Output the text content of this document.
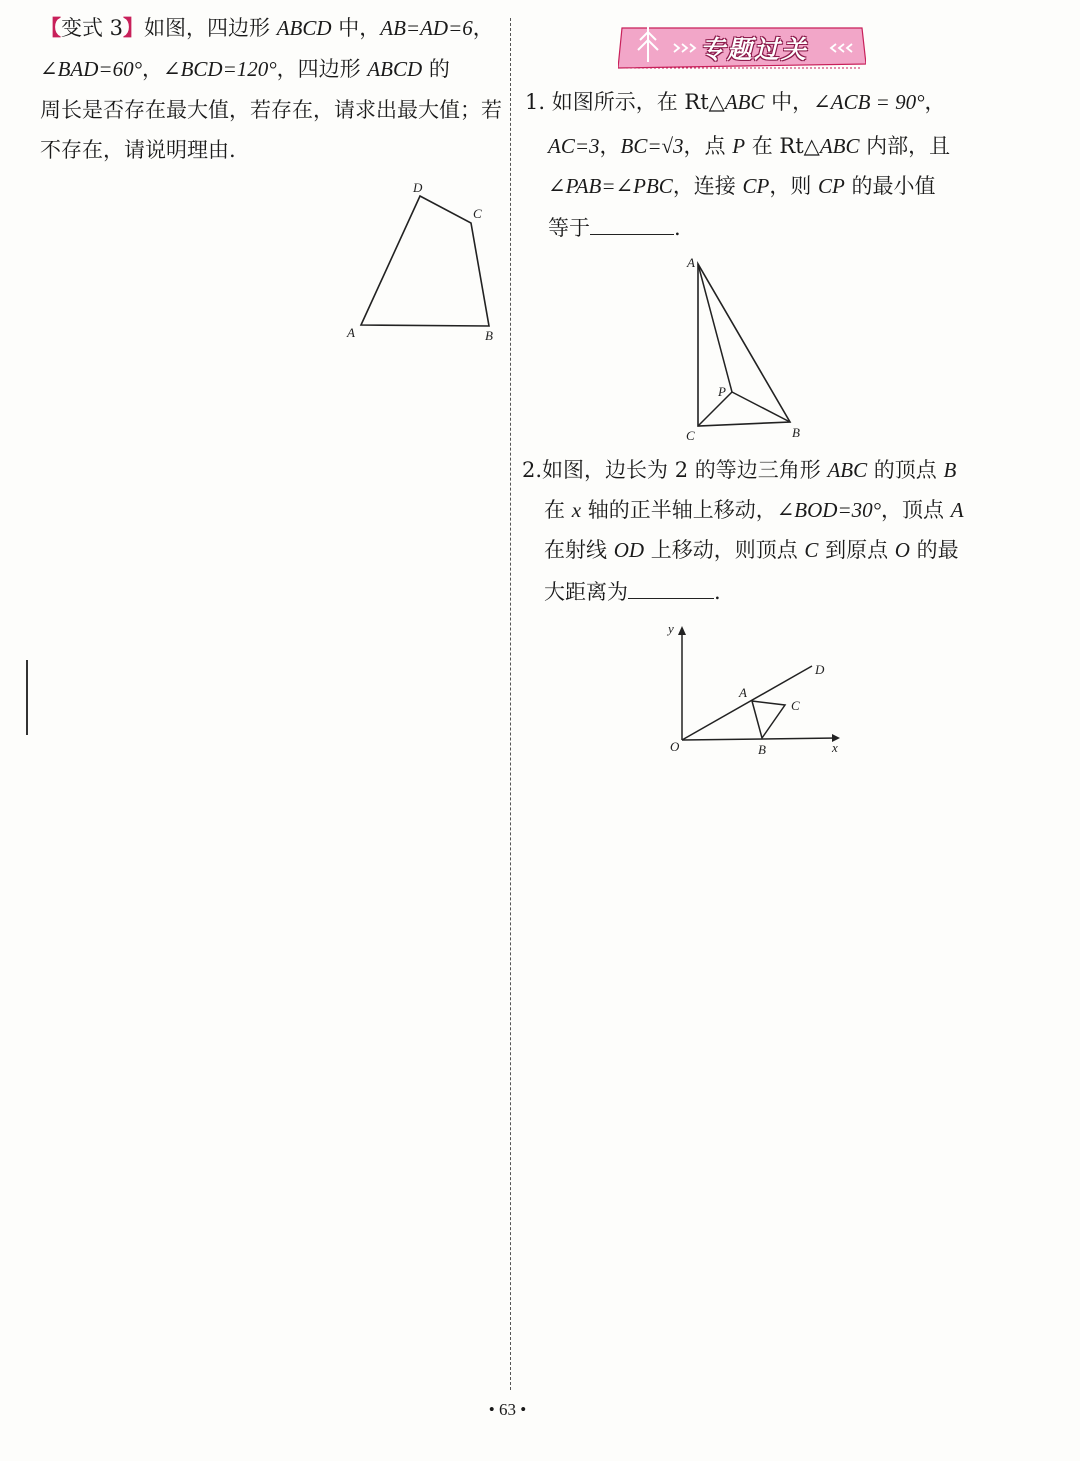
【变式 3】如图，四边形 ABCD 中，AB=AD=6，
∠BAD=60°，∠BCD=120°，四边形 ABCD 的
周长是否存在最大值，若存在，请求出最大值；若
不存在，请说明理由.
A	B
C
D
专题过关
1. 如图所示，在 Rt△ABC 中，∠ACB = 90°，
AC=3，BC=√3，点 P 在 Rt△ABC 内部，且
∠PAB=∠PBC，连接 CP，则 CP 的最小值
等于	.
A
C	B
P
2.如图，边长为 2 的等边三角形 ABC 的顶点 B
在 x 轴的正半轴上移动，∠BOD=30°，顶点 A
在射线 OD 上移动，则顶点 C 到原点 O 的最
大距离为	.
y
x
O
A
B
C
D
• 63 •
